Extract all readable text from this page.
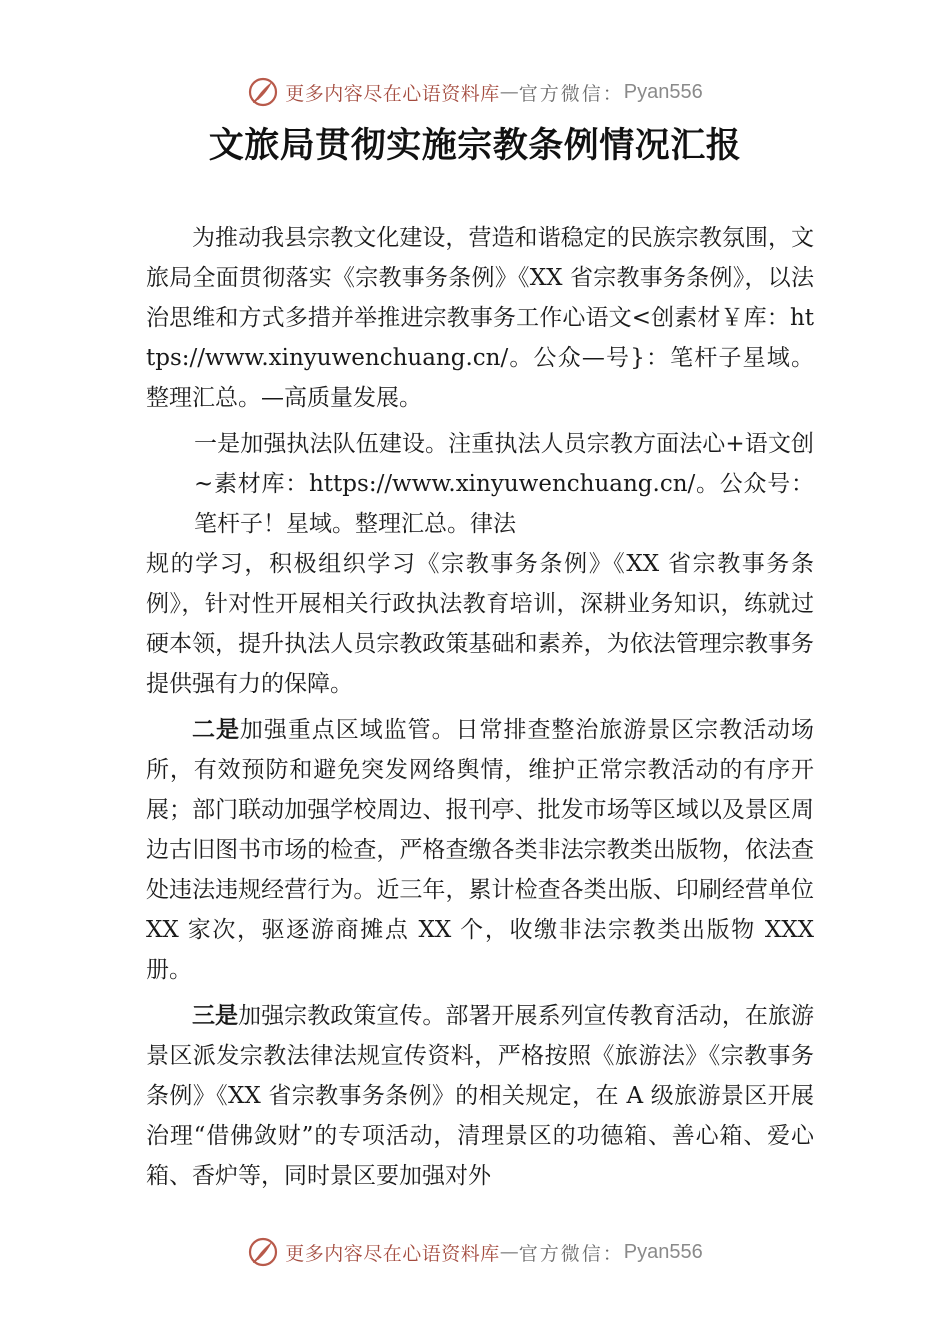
更多内容尽在心语资料库 — 官方微信： Pyan556
文旅局贯彻实施宗教条例情况汇报

为推动我县宗教文化建设，营造和谐稳定的民族宗教氛围，文旅局全面贯彻落实《宗教事务条例》《XX 省宗教事务条例》，以法治思维和方式多措并举推进宗教事务工作心语文<创素材￥库：https://www.xinyuwenchuang.cn/。公众—号}：笔杆子星域。整理汇总。—高质量发展。

一是加强执法队伍建设。注重执法人员宗教方面法心+语文创~素材库：https://www.xinyuwenchuang.cn/。公众号：笔杆子！星域。整理汇总。律法

规的学习，积极组织学习《宗教事务条例》《XX 省宗教事务条例》，针对性开展相关行政执法教育培训，深耕业务知识，练就过硬本领，提升执法人员宗教政策基础和素养，为依法管理宗教事务提供强有力的保障。

二是加强重点区域监管。日常排查整治旅游景区宗教活动场所，有效预防和避免突发网络舆情，维护正常宗教活动的有序开展；部门联动加强学校周边、报刊亭、批发市场等区域以及景区周边古旧图书市场的检查，严格查缴各类非法宗教类出版物，依法查处违法违规经营行为。近三年，累计检查各类出版、印刷经营单位 XX 家次，驱逐游商摊点 XX 个，收缴非法宗教类出版物 XXX 册。

三是加强宗教政策宣传。部署开展系列宣传教育活动，在旅游景区派发宗教法律法规宣传资料，严格按照《旅游法》《宗教事务条例》《XX 省宗教事务条例》的相关规定，在 A 级旅游景区开展治理“借佛敛财”的专项活动，清理景区的功德箱、善心箱、爱心箱、香炉等，同时景区要加强对外

更多内容尽在心语资料库 — 官方微信： Pyan556
